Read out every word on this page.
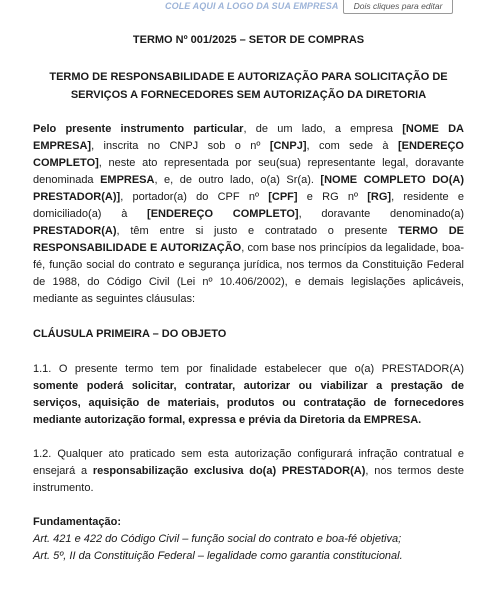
COLE AQUI A LOGO DA SUA EMPRESA	Dois cliques para editar
TERMO Nº 001/2025 – SETOR DE COMPRAS
TERMO DE RESPONSABILIDADE E AUTORIZAÇÃO PARA SOLICITAÇÃO DE SERVIÇOS A FORNECEDORES SEM AUTORIZAÇÃO DA DIRETORIA
Pelo presente instrumento particular, de um lado, a empresa [NOME DA EMPRESA], inscrita no CNPJ sob o nº [CNPJ], com sede à [ENDEREÇO COMPLETO], neste ato representada por seu(sua) representante legal, doravante denominada EMPRESA, e, de outro lado, o(a) Sr(a). [NOME COMPLETO DO(A) PRESTADOR(A)], portador(a) do CPF nº [CPF] e RG nº [RG], residente e domiciliado(a) à [ENDEREÇO COMPLETO], doravante denominado(a) PRESTADOR(A), têm entre si justo e contratado o presente TERMO DE RESPONSABILIDADE E AUTORIZAÇÃO, com base nos princípios da legalidade, boa-fé, função social do contrato e segurança jurídica, nos termos da Constituição Federal de 1988, do Código Civil (Lei nº 10.406/2002), e demais legislações aplicáveis, mediante as seguintes cláusulas:
CLÁUSULA PRIMEIRA – DO OBJETO
1.1. O presente termo tem por finalidade estabelecer que o(a) PRESTADOR(A) somente poderá solicitar, contratar, autorizar ou viabilizar a prestação de serviços, aquisição de materiais, produtos ou contratação de fornecedores mediante autorização formal, expressa e prévia da Diretoria da EMPRESA.
1.2. Qualquer ato praticado sem esta autorização configurará infração contratual e ensejará a responsabilização exclusiva do(a) PRESTADOR(A), nos termos deste instrumento.
Fundamentação:
Art. 421 e 422 do Código Civil – função social do contrato e boa-fé objetiva;
Art. 5º, II da Constituição Federal – legalidade como garantia constitucional.
